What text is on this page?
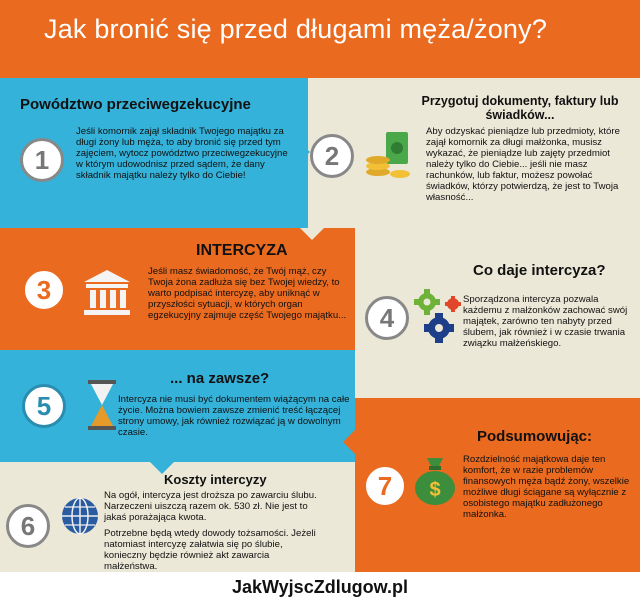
Jak bronić się przed długami męża/żony?
Powództwo przeciwegzekucyjne
1
Jeśli komornik zajął składnik Twojego majątku za długi żony lub męża, to aby bronić się przed tym zajęciem, wytocz powództwo przeciwegzekucyjne w którym udowodnisz przed sądem, że dany składnik majątku należy tylko do Ciebie!
Przygotuj dokumenty, faktury lub świadków...
2
Aby odzyskać pieniądze lub przedmioty, które zajął komornik za długi małżonka, musisz wykazać, że pieniądze lub zajęty przedmiot należy tylko do Ciebie... jeśli nie masz rachunków, lub faktur, możesz powołać świadków, którzy potwierdzą, że jest to Twoja własność...
INTERCYZA
3
Jeśli masz świadomość, że Twój mąż, czy Twoja żona zadłuża się bez Twojej wiedzy, to warto podpisać intercyzę, aby uniknąć w przyszłości sytuacji, w których organ egzekucyjny zajmuje część Twojego majątku...
Co daje intercyza?
4
Sporządzona intercyza pozwala każdemu z małżonków zachować swój majątek, zarówno ten nabyty przed ślubem, jak również i w czasie trwania związku małżeńskiego.
... na zawsze?
5	Intercyza nie musi być dokumentem wiążącym na całe życie. Można bowiem zawsze zmienić treść łączącej strony umowy, jak również rozwiązać ją w dowolnym czasie.
Koszty intercyzy
6
Na ogół, intercyza jest droższa po zawarciu ślubu. Narzeczeni uiszczą razem ok. 530 zł. Nie jest to jakaś porażająca kwota.
Potrzebne będą wtedy dowody tożsamości. Jeżeli natomiast intercyzę załatwia się po ślubie, konieczny będzie również akt zawarcia małżeństwa.
Podsumowując:
7	$
Rozdzielność majątkowa daje ten komfort, że w razie problemów finansowych męża bądź żony, wszelkie możliwe długi ściągane są wyłącznie z osobistego majątku zadłużonego małżonka.
JakWyjscZdlugow.pl
